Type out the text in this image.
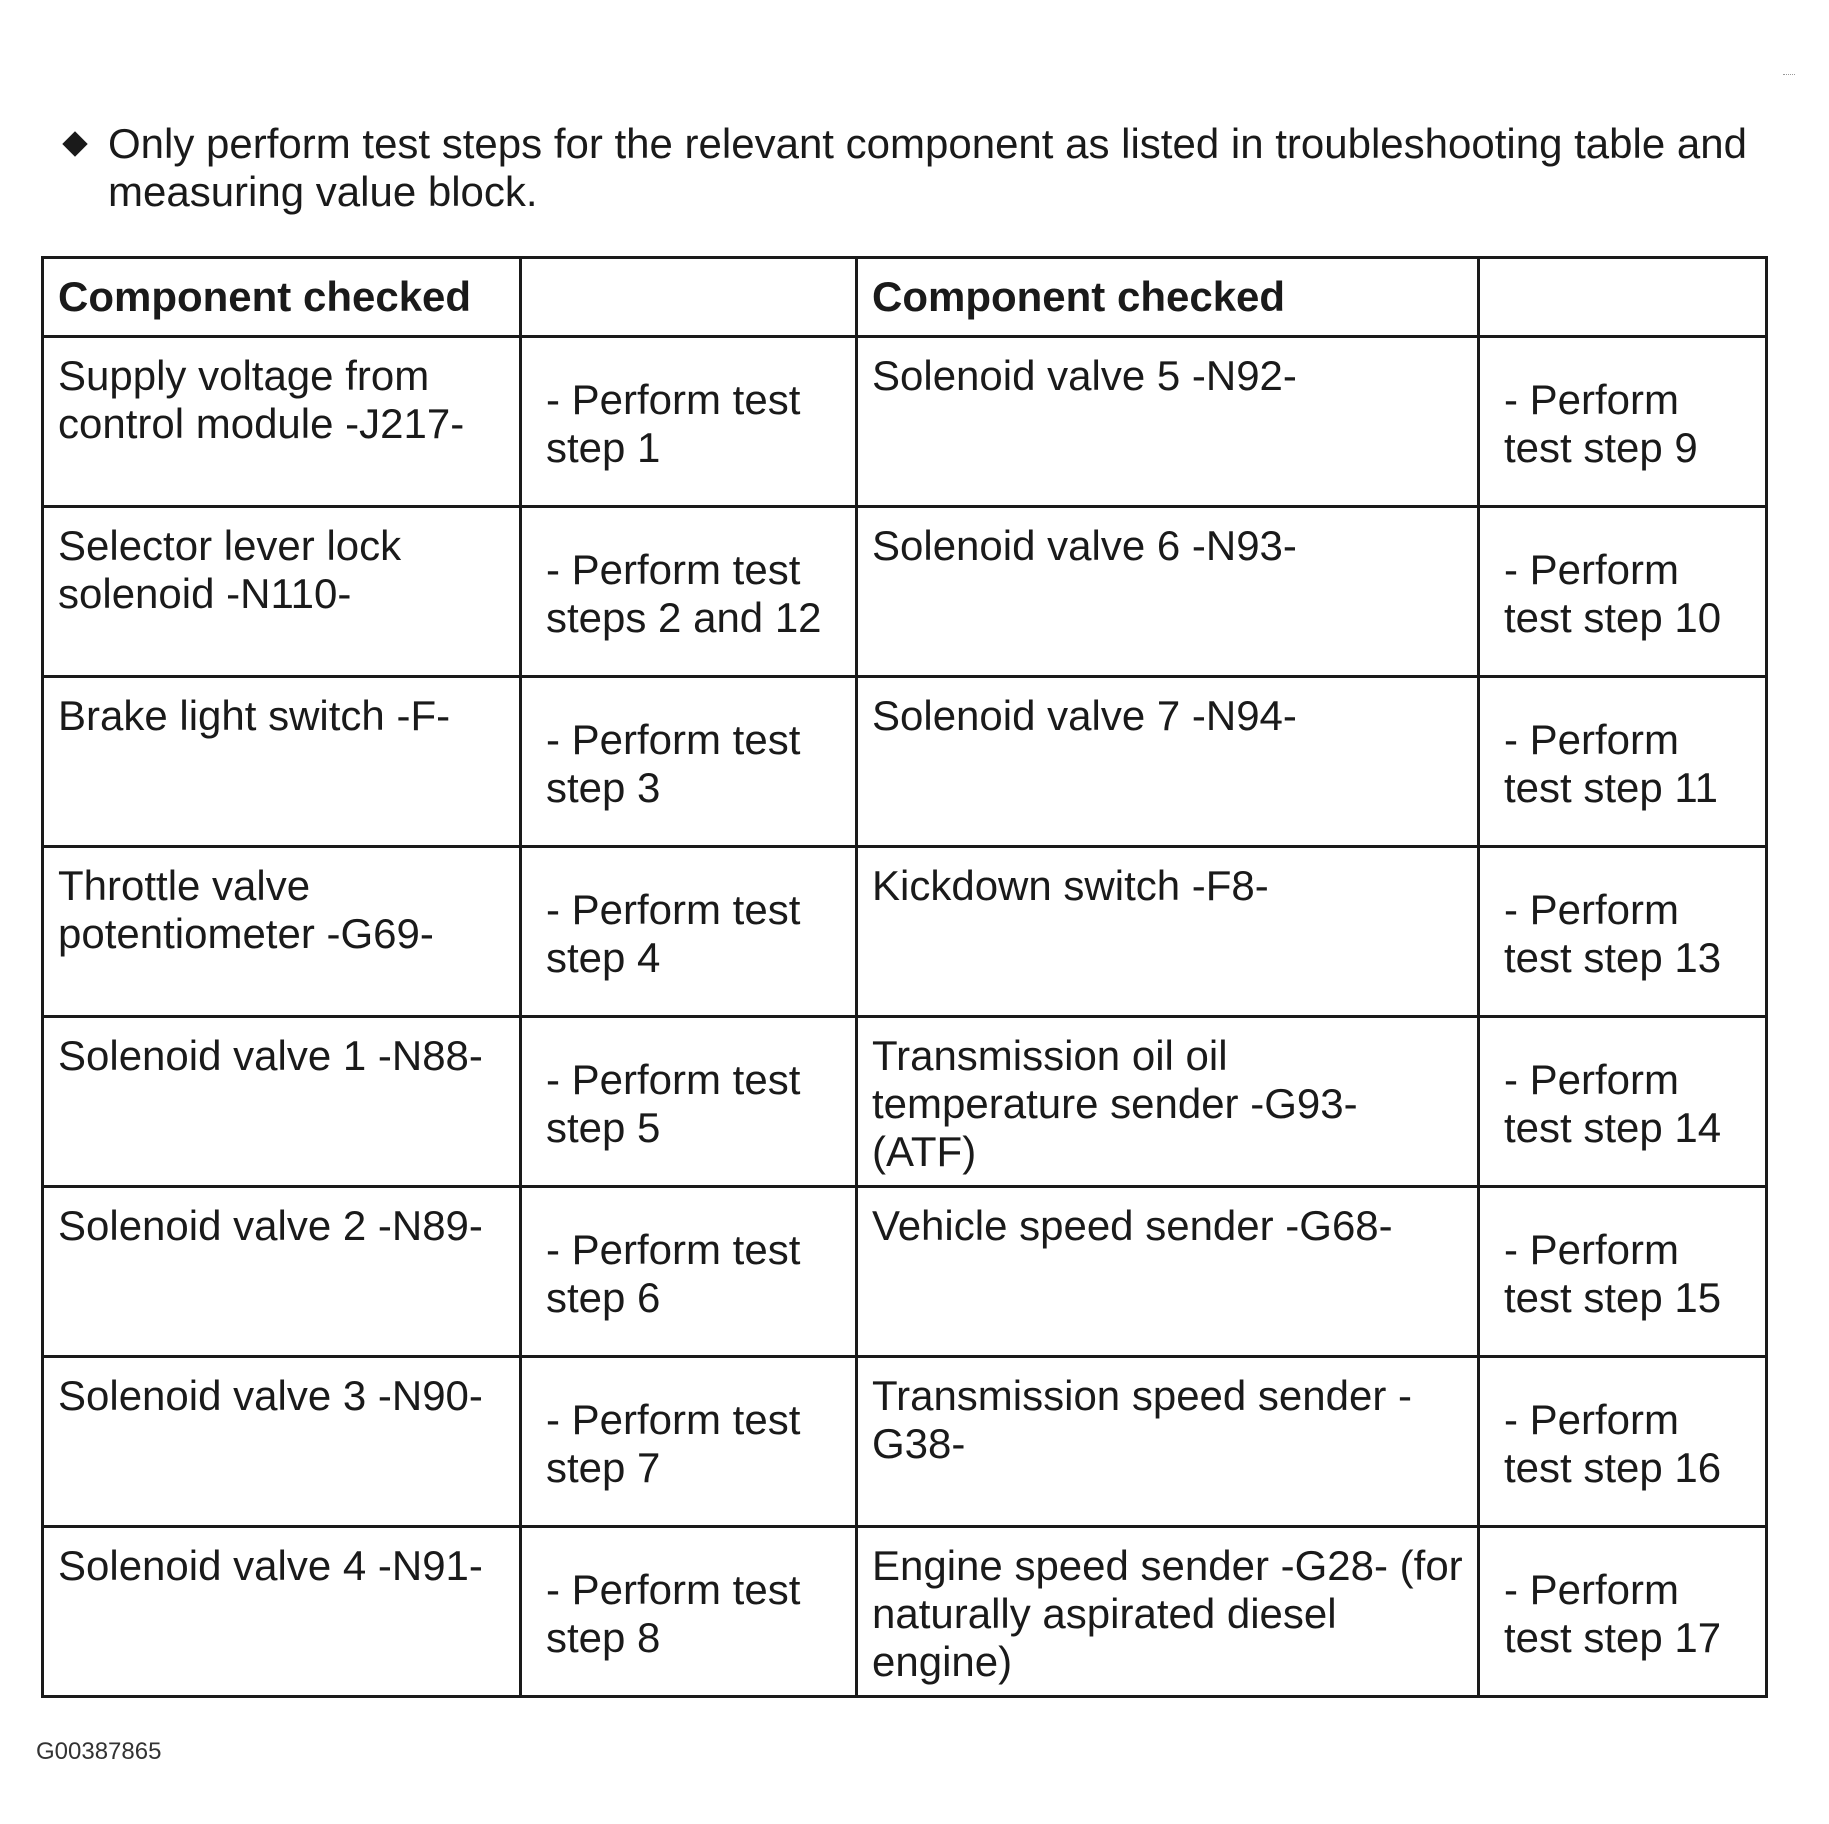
Only perform test steps for the relevant component as listed in troubleshooting table and measuring value block.
Component checked		Component checked	
Supply voltage from control module -J217-	- Perform test step 1	Solenoid valve 5 -N92-	- Perform test step 9
Selector lever lock solenoid -N110-	- Perform test steps 2 and 12	Solenoid valve 6 -N93-	- Perform test step 10
Brake light switch -F-	- Perform test step 3	Solenoid valve 7 -N94-	- Perform test step 11
Throttle valve potentiometer -G69-	- Perform test step 4	Kickdown switch -F8-	- Perform test step 13
Solenoid valve 1 -N88-	- Perform test step 5	Transmission oil oil temperature sender -G93- (ATF)	- Perform test step 14
Solenoid valve 2 -N89-	- Perform test step 6	Vehicle speed sender -G68-	- Perform test step 15
Solenoid valve 3 -N90-	- Perform test step 7	Transmission speed sender -G38-	- Perform test step 16
Solenoid valve 4 -N91-	- Perform test step 8	Engine speed sender -G28- (for naturally aspirated diesel engine)	- Perform test step 17
G00387865
